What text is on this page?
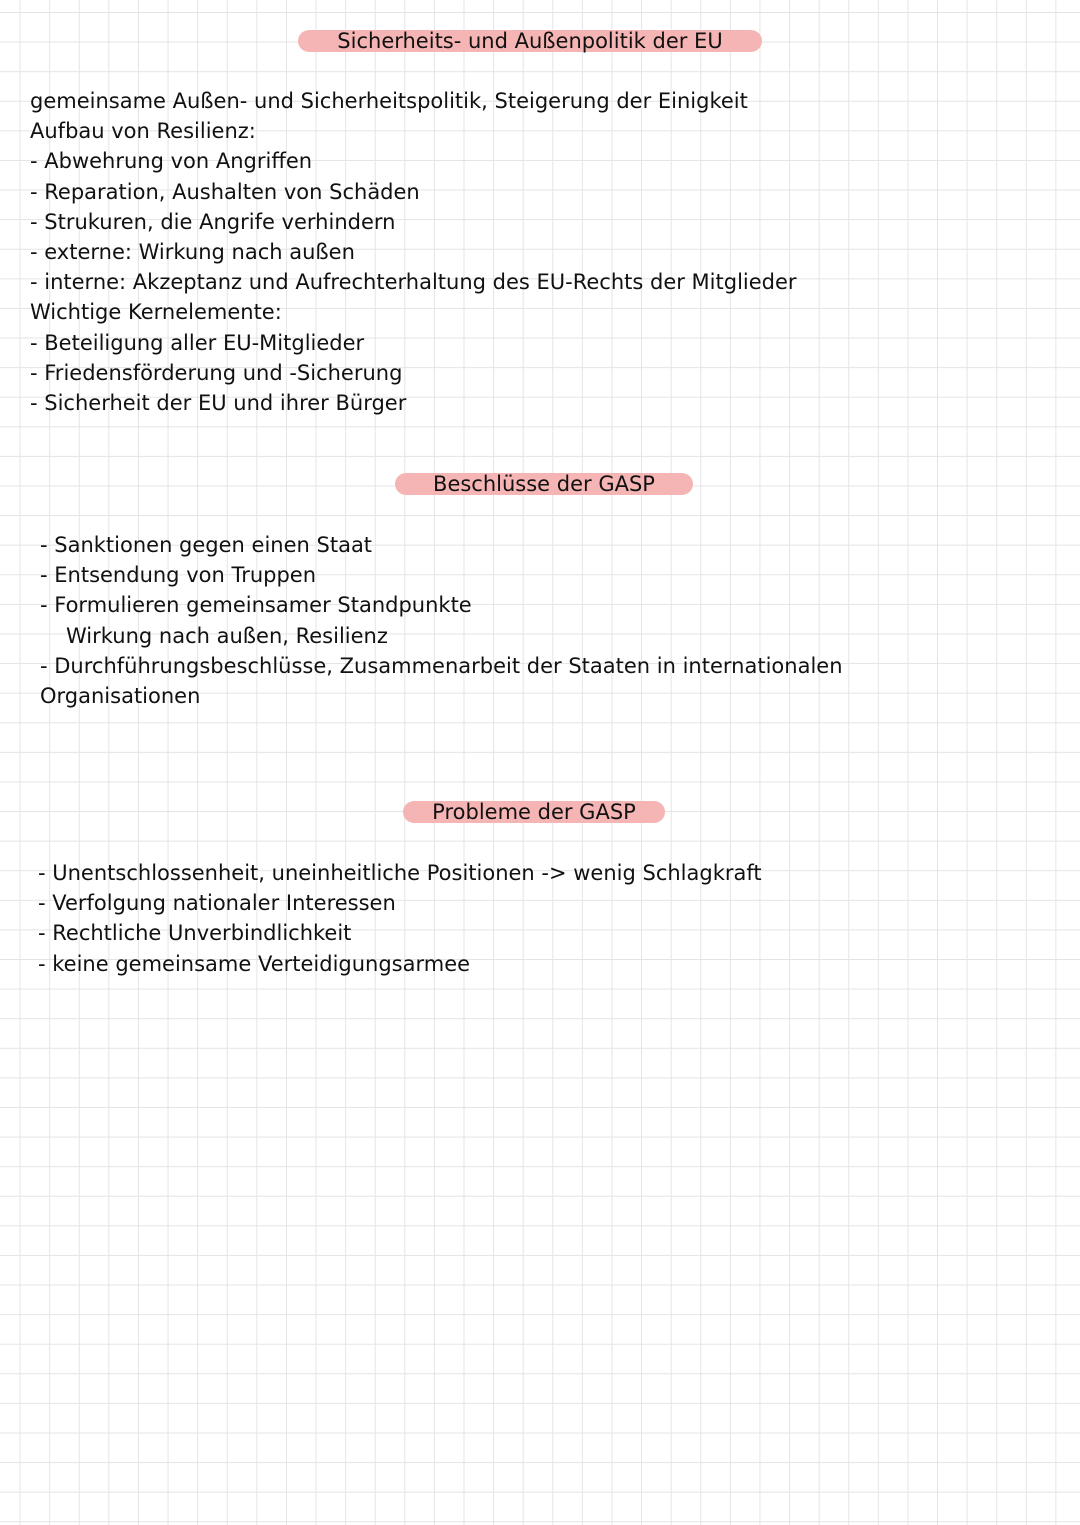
Sicherheits- und Außenpolitik der EU
gemeinsame Außen- und Sicherheitspolitik, Steigerung der Einigkeit
Aufbau von Resilienz:
- Abwehrung von Angriffen
- Reparation, Aushalten von Schäden
- Strukuren, die Angrife verhindern
- externe: Wirkung nach außen
- interne: Akzeptanz und Aufrechterhaltung des EU-Rechts der Mitglieder
Wichtige Kernelemente:
- Beteiligung aller EU-Mitglieder
- Friedensförderung und -Sicherung
- Sicherheit der EU und ihrer Bürger
Beschlüsse der GASP
- Sanktionen gegen einen Staat
- Entsendung von Truppen
- Formulieren gemeinsamer Standpunkte
Wirkung nach außen, Resilienz
- Durchführungsbeschlüsse, Zusammenarbeit der Staaten in internationalen
Organisationen
Probleme der GASP
- Unentschlossenheit, uneinheitliche Positionen -> wenig Schlagkraft
- Verfolgung nationaler Interessen
- Rechtliche Unverbindlichkeit
- keine gemeinsame Verteidigungsarmee
